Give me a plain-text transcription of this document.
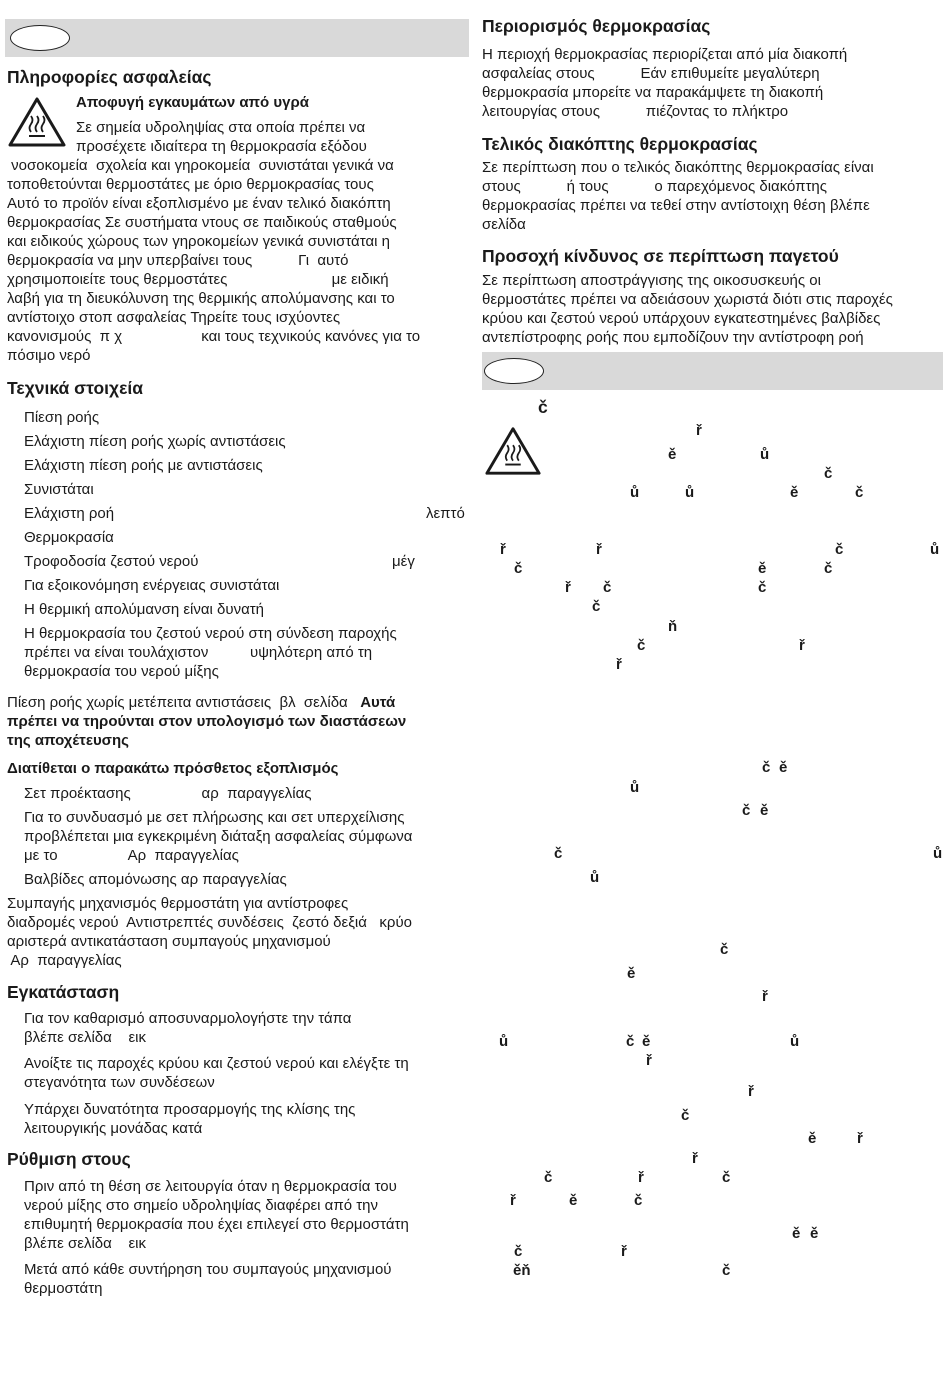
Πληροφορίες ασφαλείας
Αποφυγή εγκαυμάτων από υγρά
Σε σημεία υδροληψίας στα οποία πρέπει να
προσέχετε ιδιαίτερα τη θερμοκρασία εξόδου
νοσοκομεία  σχολεία και γηροκομεία  συνιστάται γενικά να
τοποθετούνται θερμοστάτες με όριο θερμοκρασίας τους
Αυτό το προϊόν είναι εξοπλισμένο με έναν τελικό διακόπτη
θερμοκρασίας Σε συστήματα ντους σε παιδικούς σταθμούς
και ειδικούς χώρους των γηροκομείων γενικά συνιστάται η
θερμοκρασία να μην υπερβαίνει τους           Γι  αυτό
χρησιμοποιείτε τους θερμοστάτες                         με ειδική
λαβή για τη διευκόλυνση της θερμικής απολύμανσης και το
αντίστοιχο στοπ ασφαλείας Τηρείτε τους ισχύοντες
κανονισμούς  π χ                   και τους τεχνικούς κανόνες για το
πόσιμο νερό
Τεχνικά στοιχεία
Πίεση ροής
Ελάχιστη πίεση ροής χωρίς αντιστάσεις
Ελάχιστη πίεση ροής με αντιστάσεις
Συνιστάται
Ελάχιστη ροή	λεπτό
Θερμοκρασία
Τροφοδοσία ζεστού νερού	μέγ
Για εξοικονόμηση ενέργειας συνιστάται
Η θερμική απολύμανση είναι δυνατή
Η θερμοκρασία του ζεστού νερού στη σύνδεση παροχής
πρέπει να είναι τουλάχιστον          υψηλότερη από τη
θερμοκρασία του νερού μίξης
Πίεση ροής χωρίς μετέπειτα αντιστάσεις  βλ  σελίδα   Αυτά
πρέπει να τηρούνται στον υπολογισμό των διαστάσεων
της αποχέτευσης
Διατίθεται ο παρακάτω πρόσθετος εξοπλισμός
Σετ προέκτασης                 αρ  παραγγελίας
Για το συνδυασμό με σετ πλήρωσης και σετ υπερχείλισης
προβλέπεται μια εγκεκριμένη διάταξη ασφαλείας σύμφωνα
με το                 Αρ  παραγγελίας
Βαλβίδες απομόνωσης αρ παραγγελίας
Συμπαγής μηχανισμός θερμοστάτη για αντίστροφες
διαδρομές νερού  Αντιστρεπτές συνδέσεις  ζεστό δεξιά   κρύο
αριστερά αντικατάσταση συμπαγούς μηχανισμού
Αρ  παραγγελίας
Εγκατάσταση
Για τον καθαρισμό αποσυναρμολογήστε την τάπα
βλέπε σελίδα    εικ
Ανοίξτε τις παροχές κρύου και ζεστού νερού και ελέγξτε τη
στεγανότητα των συνδέσεων
Υπάρχει δυνατότητα προσαρμογής της κλίσης της
λειτουργικής μονάδας κατά
Ρύθμιση στους
Πριν από τη θέση σε λειτουργία όταν η θερμοκρασία του
νερού μίξης στο σημείο υδροληψίας διαφέρει από την
επιθυμητή θερμοκρασία που έχει επιλεγεί στο θερμοστάτη
βλέπε σελίδα    εικ
Μετά από κάθε συντήρηση του συμπαγούς μηχανισμού
θερμοστάτη
Περιορισμός θερμοκρασίας
Η περιοχή θερμοκρασίας περιορίζεται από μία διακοπή
ασφαλείας στους           Εάν επιθυμείτε μεγαλύτερη
θερμοκρασία μπορείτε να παρακάμψετε τη διακοπή
λειτουργίας στους           πιέζοντας το πλήκτρο
Τελικός διακόπτης θερμοκρασίας
Σε περίπτωση που ο τελικός διακόπτης θερμοκρασίας είναι
στους           ή τους           ο παρεχόμενος διακόπτης
θερμοκρασίας πρέπει να τεθεί στην αντίστοιχη θέση βλέπε
σελίδα
Προσοχή κίνδυνος σε περίπτωση παγετού
Σε περίπτωση αποστράγγισης της οικοσυσκευής οι
θερμοστάτες πρέπει να αδειάσουν χωριστά διότι στις παροχές
κρύου και ζεστού νερού υπάρχουν εγκατεστημένες βαλβίδες
αντεπίστροφης ροής που εμποδίζουν την αντίστροφη ροή
č
ř
ě	ů
č
ů	ů	ě	č
ř	ř	č	ů
č	ě	č
ř č	č
č
ň
č	ř
ř
č ě
ů
č ě
č	ů
ů
č
ě
ř
ů	č ě	ů
ř
ř
č
ě	ř
ř
č	ř	č
ř	ě	č
ě ě
č	ř
ěň	č
